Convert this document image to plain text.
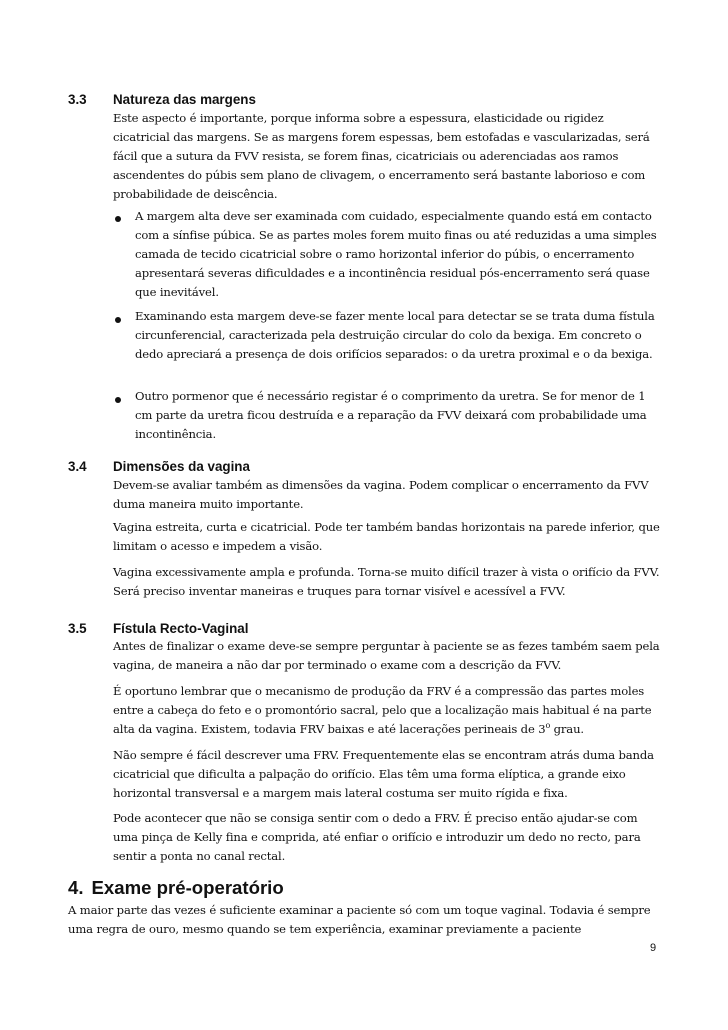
3.3 Natureza das margens
Este aspecto é importante, porque informa sobre a espessura, elasticidade ou rigidez cicatricial das margens. Se as margens forem espessas, bem estofadas e vascularizadas, será fácil que a sutura da FVV resista, se forem finas, cicatriciais ou aderenciadas aos ramos ascendentes do púbis sem plano de clivagem, o encerramento será bastante laborioso e com probabilidade de deiscência.
A margem alta deve ser examinada com cuidado, especialmente quando está em contacto com a sínfise púbica. Se as partes moles forem muito finas ou até reduzidas a uma simples camada de tecido cicatricial sobre o ramo horizontal inferior do púbis, o encerramento apresentará severas dificuldades e a incontinência residual pós-encerramento será quase que inevitável.
Examinando esta margem deve-se fazer mente local para detectar se se trata duma fístula circunferencial, caracterizada pela destruição circular do colo da bexiga. Em concreto o dedo apreciará a presença de dois orifícios separados: o da uretra proximal e o da bexiga.
Outro pormenor que é necessário registar é o comprimento da uretra. Se for menor de 1 cm parte da uretra ficou destruída e a reparação da FVV deixará com probabilidade uma incontinência.
3.4 Dimensões da vagina
Devem-se avaliar também as dimensões da vagina. Podem complicar o encerramento da FVV duma maneira muito importante.
Vagina estreita, curta e cicatricial. Pode ter também bandas horizontais na parede inferior, que limitam o acesso e impedem a visão.
Vagina excessivamente ampla e profunda. Torna-se muito difícil trazer à vista o orifício da FVV. Será preciso inventar maneiras e truques para tornar visível e acessível a FVV.
3.5 Fístula Recto-Vaginal
Antes de finalizar o exame deve-se sempre perguntar à paciente se as fezes também saem pela vagina, de maneira a não dar por terminado o exame com a descrição da FVV.
É oportuno lembrar que o mecanismo de produção da FRV é a compressão das partes moles entre a cabeça do feto e o promontório sacral, pelo que a localização mais habitual é na parte alta da vagina. Existem, todavia FRV baixas e até lacerações perineais de 3$^o$ grau.
Não sempre é fácil descrever uma FRV. Frequentemente elas se encontram atrás duma banda cicatricial que dificulta a palpação do orifício. Elas têm uma forma elíptica, a grande eixo horizontal transversal e a margem mais lateral costuma ser muito rígida e fixa.
Pode acontecer que não se consiga sentir com o dedo a FRV. É preciso então ajudar-se com uma pinça de Kelly fina e comprida, até enfiar o orifício e introduzir um dedo no recto, para sentir a ponta no canal rectal.
4. Exame pré-operatório
A maior parte das vezes é suficiente examinar a paciente só com um toque vaginal. Todavia é sempre uma regra de ouro, mesmo quando se tem experiência, examinar previamente a paciente
9
